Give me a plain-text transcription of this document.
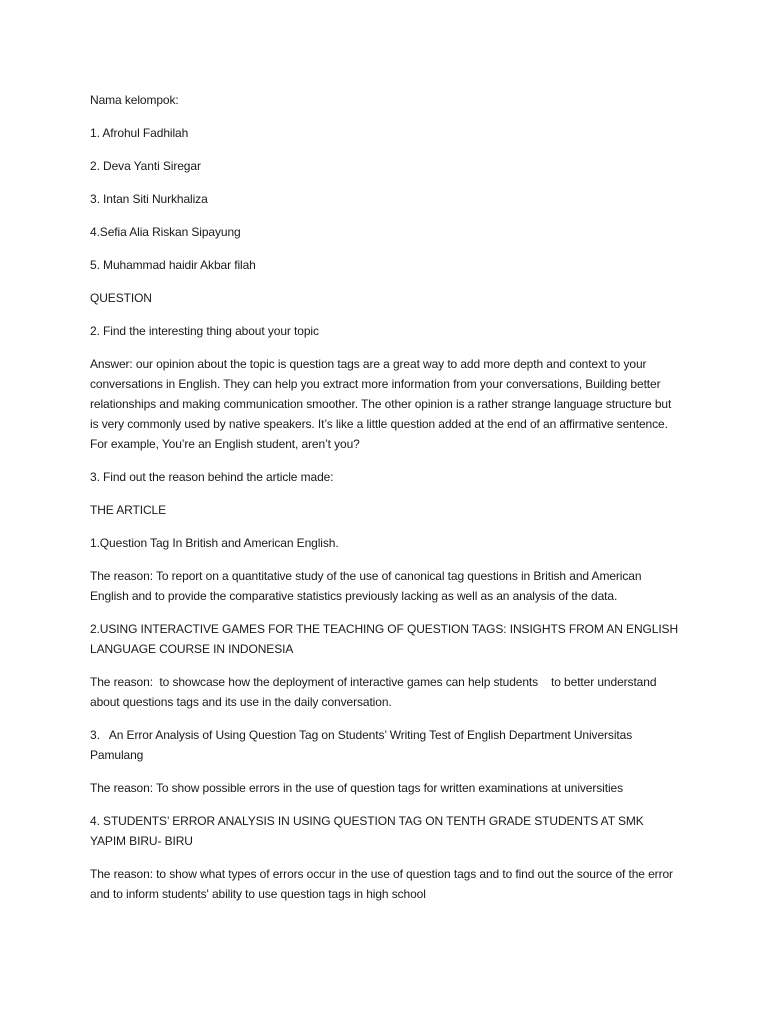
Nama kelompok:

1. Afrohul Fadhilah

2. Deva Yanti Siregar

3. Intan Siti Nurkhaliza

4.Sefia Alia Riskan Sipayung

5. Muhammad haidir Akbar filah

QUESTION

2. Find the interesting thing about your topic

Answer: our opinion about the topic is question tags are a great way to add more depth and context to your conversations in English. They can help you extract more information from your conversations, Building better relationships and making communication smoother. The other opinion is a rather strange language structure but is very commonly used by native speakers. It’s like a little question added at the end of an affirmative sentence. For example, You’re an English student, aren’t you?

3. Find out the reason behind the article made:

THE ARTICLE

1.Question Tag In British and American English.

The reason: To report on a quantitative study of the use of canonical tag questions in British and American English and to provide the comparative statistics previously lacking as well as an analysis of the data.

2.USING INTERACTIVE GAMES FOR THE TEACHING OF QUESTION TAGS: INSIGHTS FROM AN ENGLISH LANGUAGE COURSE IN INDONESIA

The reason:  to showcase how the deployment of interactive games can help students    to better understand about questions tags and its use in the daily conversation.

3.   An Error Analysis of Using Question Tag on Students’ Writing Test of English Department Universitas Pamulang

The reason: To show possible errors in the use of question tags for written examinations at universities

4. STUDENTS’ ERROR ANALYSIS IN USING QUESTION TAG ON TENTH GRADE STUDENTS AT SMK YAPIM BIRU- BIRU

The reason: to show what types of errors occur in the use of question tags and to find out the source of the error and to inform students' ability to use question tags in high school
